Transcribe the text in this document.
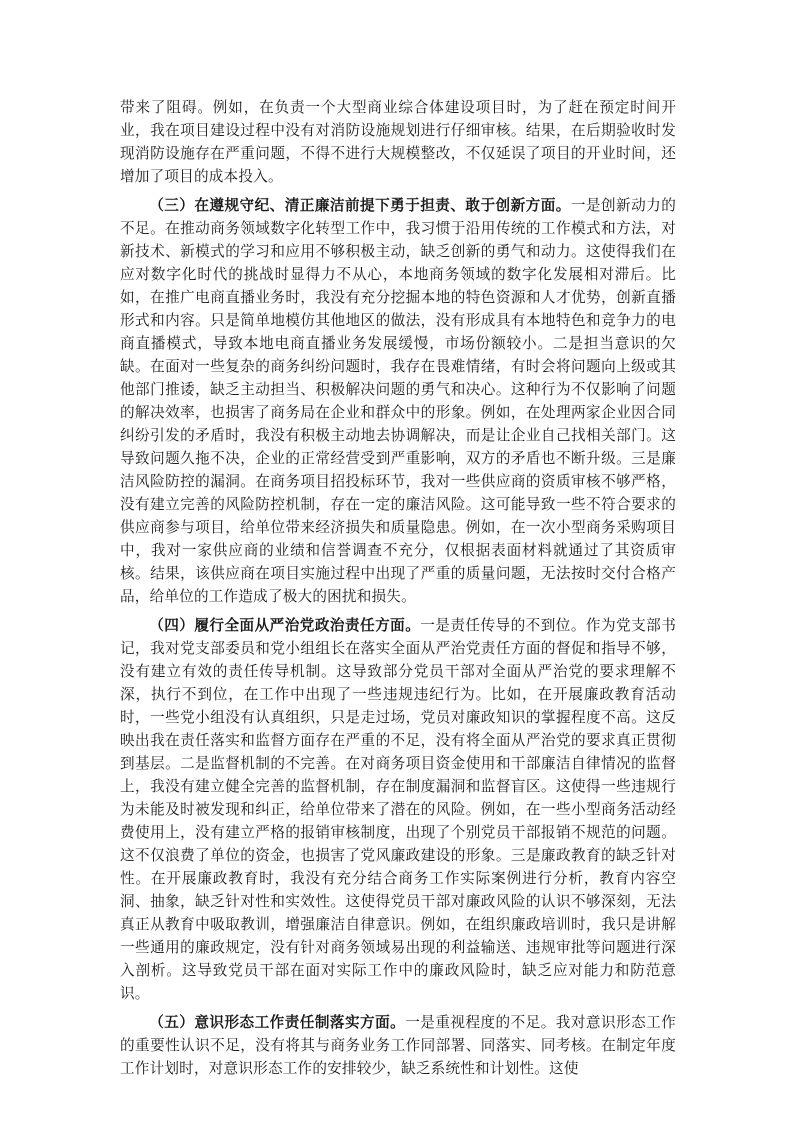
带来了阻碍。例如，在负责一个大型商业综合体建设项目时，为了赶在预定时间开业，我在项目建设过程中没有对消防设施规划进行仔细审核。结果，在后期验收时发现消防设施存在严重问题，不得不进行大规模整改，不仅延误了项目的开业时间，还增加了项目的成本投入。

（三）在遵规守纪、清正廉洁前提下勇于担责、敢于创新方面。一是创新动力的不足。在推动商务领域数字化转型工作中，我习惯于沿用传统的工作模式和方法，对新技术、新模式的学习和应用不够积极主动，缺乏创新的勇气和动力。这使得我们在应对数字化时代的挑战时显得力不从心，本地商务领域的数字化发展相对滞后。比如，在推广电商直播业务时，我没有充分挖掘本地的特色资源和人才优势，创新直播形式和内容。只是简单地模仿其他地区的做法，没有形成具有本地特色和竞争力的电商直播模式，导致本地电商直播业务发展缓慢，市场份额较小。二是担当意识的欠缺。在面对一些复杂的商务纠纷问题时，我存在畏难情绪，有时会将问题向上级或其他部门推诿，缺乏主动担当、积极解决问题的勇气和决心。这种行为不仅影响了问题的解决效率，也损害了商务局在企业和群众中的形象。例如，在处理两家企业因合同纠纷引发的矛盾时，我没有积极主动地去协调解决，而是让企业自己找相关部门。这导致问题久拖不决，企业的正常经营受到严重影响，双方的矛盾也不断升级。三是廉洁风险防控的漏洞。在商务项目招投标环节，我对一些供应商的资质审核不够严格，没有建立完善的风险防控机制，存在一定的廉洁风险。这可能导致一些不符合要求的供应商参与项目，给单位带来经济损失和质量隐患。例如，在一次小型商务采购项目中，我对一家供应商的业绩和信誉调查不充分，仅根据表面材料就通过了其资质审核。结果，该供应商在项目实施过程中出现了严重的质量问题，无法按时交付合格产品，给单位的工作造成了极大的困扰和损失。

（四）履行全面从严治党政治责任方面。一是责任传导的不到位。作为党支部书记，我对党支部委员和党小组组长在落实全面从严治党责任方面的督促和指导不够，没有建立有效的责任传导机制。这导致部分党员干部对全面从严治党的要求理解不深，执行不到位，在工作中出现了一些违规违纪行为。比如，在开展廉政教育活动时，一些党小组没有认真组织，只是走过场，党员对廉政知识的掌握程度不高。这反映出我在责任落实和监督方面存在严重的不足，没有将全面从严治党的要求真正贯彻到基层。二是监督机制的不完善。在对商务项目资金使用和干部廉洁自律情况的监督上，我没有建立健全完善的监督机制，存在制度漏洞和监督盲区。这使得一些违规行为未能及时被发现和纠正，给单位带来了潜在的风险。例如，在一些小型商务活动经费使用上，没有建立严格的报销审核制度，出现了个别党员干部报销不规范的问题。这不仅浪费了单位的资金，也损害了党风廉政建设的形象。三是廉政教育的缺乏针对性。在开展廉政教育时，我没有充分结合商务工作实际案例进行分析，教育内容空洞、抽象，缺乏针对性和实效性。这使得党员干部对廉政风险的认识不够深刻，无法真正从教育中吸取教训，增强廉洁自律意识。例如，在组织廉政培训时，我只是讲解一些通用的廉政规定，没有针对商务领域易出现的利益输送、违规审批等问题进行深入剖析。这导致党员干部在面对实际工作中的廉政风险时，缺乏应对能力和防范意识。

（五）意识形态工作责任制落实方面。一是重视程度的不足。我对意识形态工作的重要性认识不足，没有将其与商务业务工作同部署、同落实、同考核。在制定年度工作计划时，对意识形态工作的安排较少，缺乏系统性和计划性。这使
